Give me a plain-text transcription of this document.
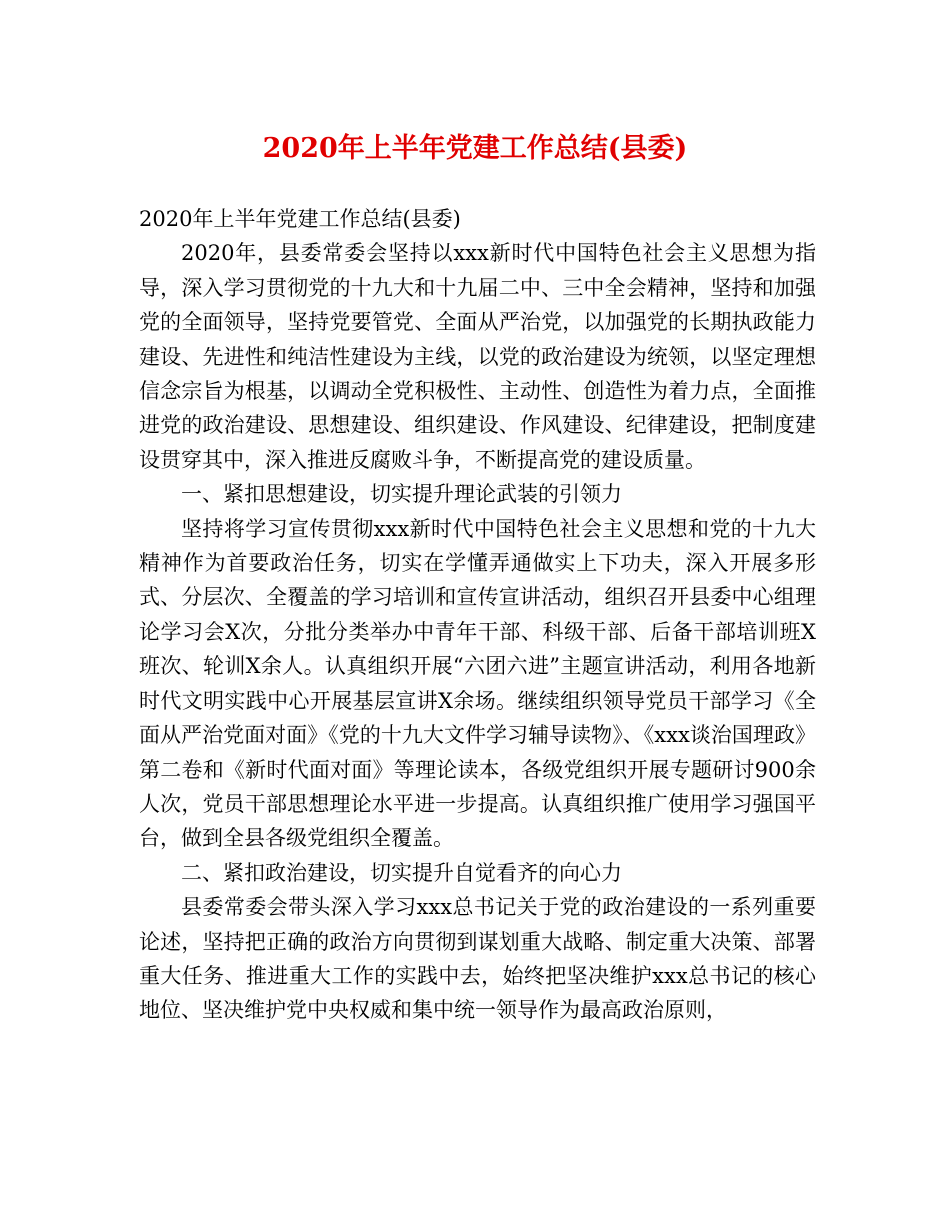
2020年上半年党建工作总结(县委)

2020年上半年党建工作总结(县委)

2020年，县委常委会坚持以xxx新时代中国特色社会主义思想为指导，深入学习贯彻党的十九大和十九届二中、三中全会精神，坚持和加强党的全面领导，坚持党要管党、全面从严治党，以加强党的长期执政能力建设、先进性和纯洁性建设为主线，以党的政治建设为统领，以坚定理想信念宗旨为根基，以调动全党积极性、主动性、创造性为着力点，全面推进党的政治建设、思想建设、组织建设、作风建设、纪律建设，把制度建设贯穿其中，深入推进反腐败斗争，不断提高党的建设质量。

一、紧扣思想建设，切实提升理论武装的引领力

坚持将学习宣传贯彻xxx新时代中国特色社会主义思想和党的十九大精神作为首要政治任务，切实在学懂弄通做实上下功夫，深入开展多形式、分层次、全覆盖的学习培训和宣传宣讲活动，组织召开县委中心组理论学习会X次，分批分类举办中青年干部、科级干部、后备干部培训班X班次、轮训X余人。认真组织开展“六团六进”主题宣讲活动，利用各地新时代文明实践中心开展基层宣讲X余场。继续组织领导党员干部学习《全面从严治党面对面》《党的十九大文件学习辅导读物》、《xxx谈治国理政》第二卷和《新时代面对面》等理论读本，各级党组织开展专题研讨900余人次，党员干部思想理论水平进一步提高。认真组织推广使用学习强国平台，做到全县各级党组织全覆盖。

二、紧扣政治建设，切实提升自觉看齐的向心力

县委常委会带头深入学习xxx总书记关于党的政治建设的一系列重要论述，坚持把正确的政治方向贯彻到谋划重大战略、制定重大决策、部署重大任务、推进重大工作的实践中去，始终把坚决维护xxx总书记的核心地位、坚决维护党中央权威和集中统一领导作为最高政治原则，
